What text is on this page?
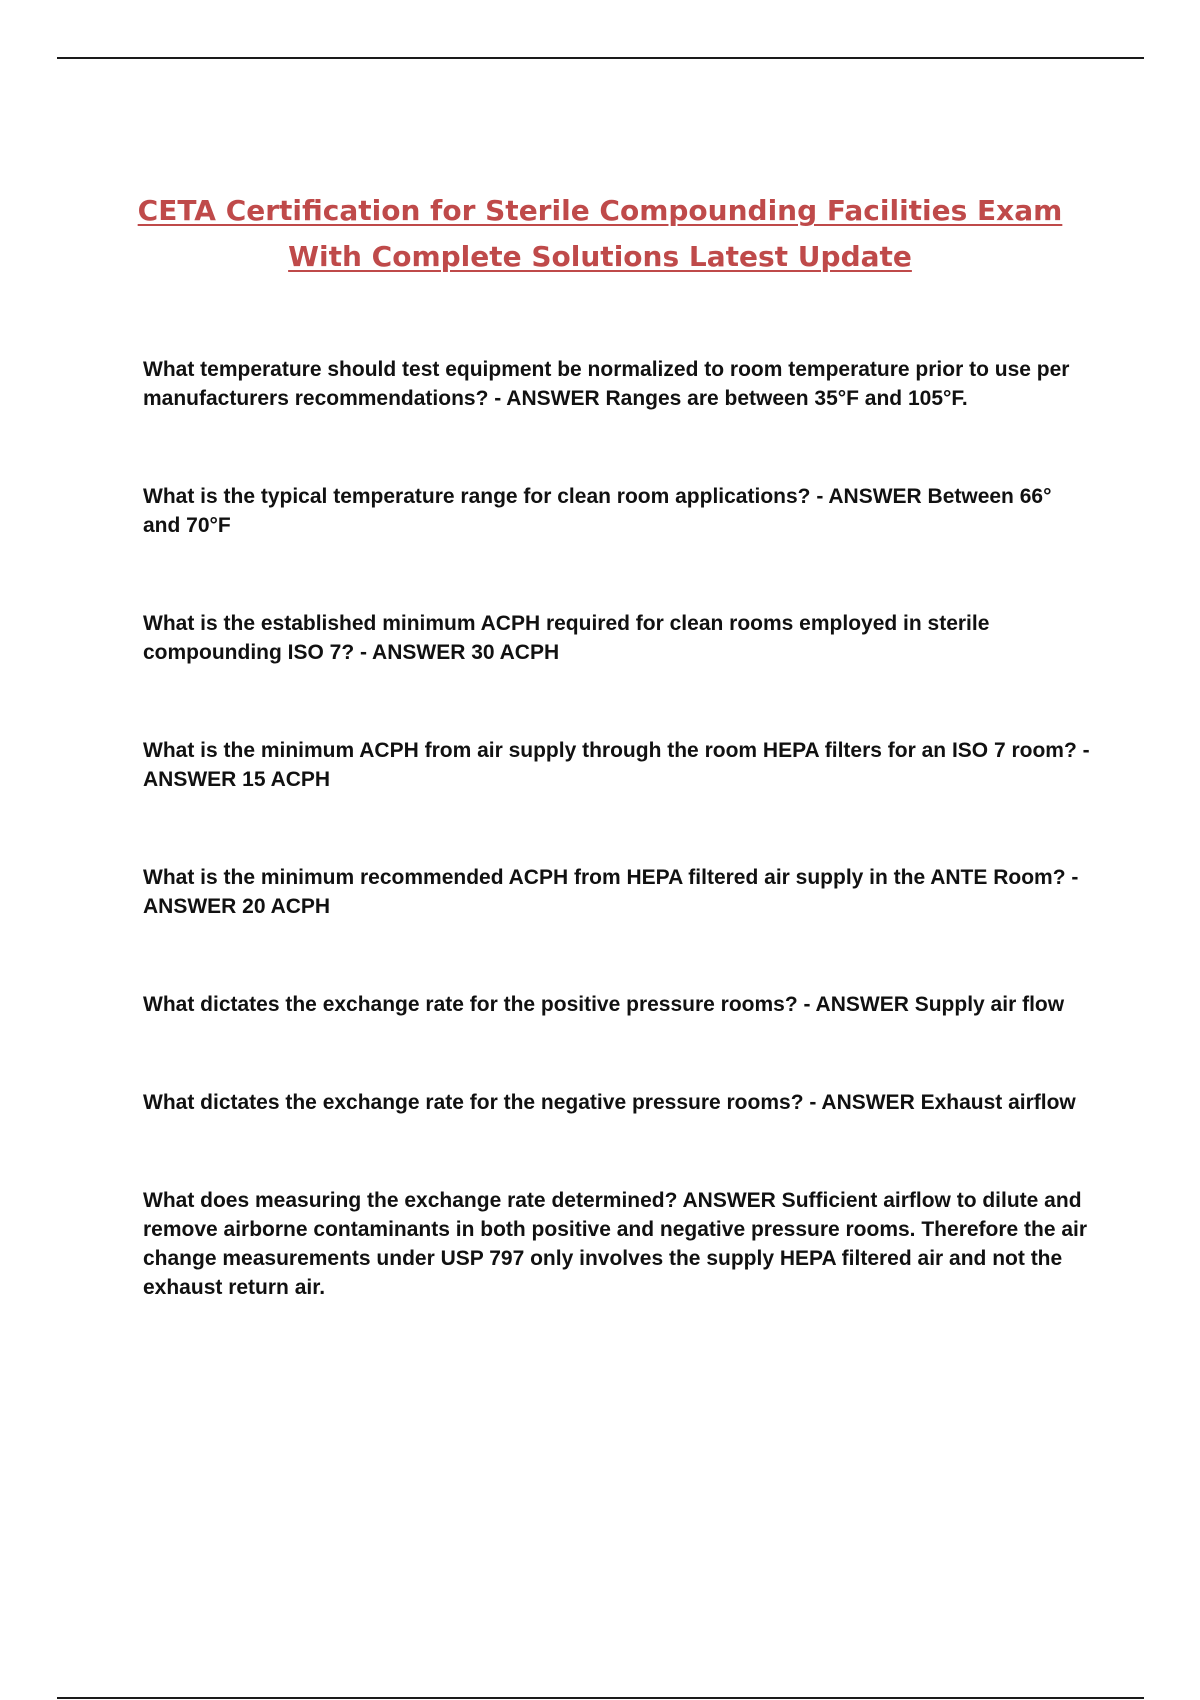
CETA Certification for Sterile Compounding Facilities Exam
With Complete Solutions Latest Update

What temperature should test equipment be normalized to room temperature prior to use per manufacturers recommendations? - ANSWER Ranges are between 35°F and 105°F.

What is the typical temperature range for clean room applications? - ANSWER Between 66° and 70°F

What is the established minimum ACPH required for clean rooms employed in sterile compounding ISO 7? - ANSWER 30 ACPH

What is the minimum ACPH from air supply through the room HEPA filters for an ISO 7 room? - ANSWER 15 ACPH

What is the minimum recommended ACPH from HEPA filtered air supply in the ANTE Room? - ANSWER 20 ACPH

What dictates the exchange rate for the positive pressure rooms? - ANSWER Supply air flow

What dictates the exchange rate for the negative pressure rooms? - ANSWER Exhaust airflow

What does measuring the exchange rate determined? ANSWER Sufficient airflow to dilute and remove airborne contaminants in both positive and negative pressure rooms. Therefore the air change measurements under USP 797 only involves the supply HEPA filtered air and not the exhaust return air.
